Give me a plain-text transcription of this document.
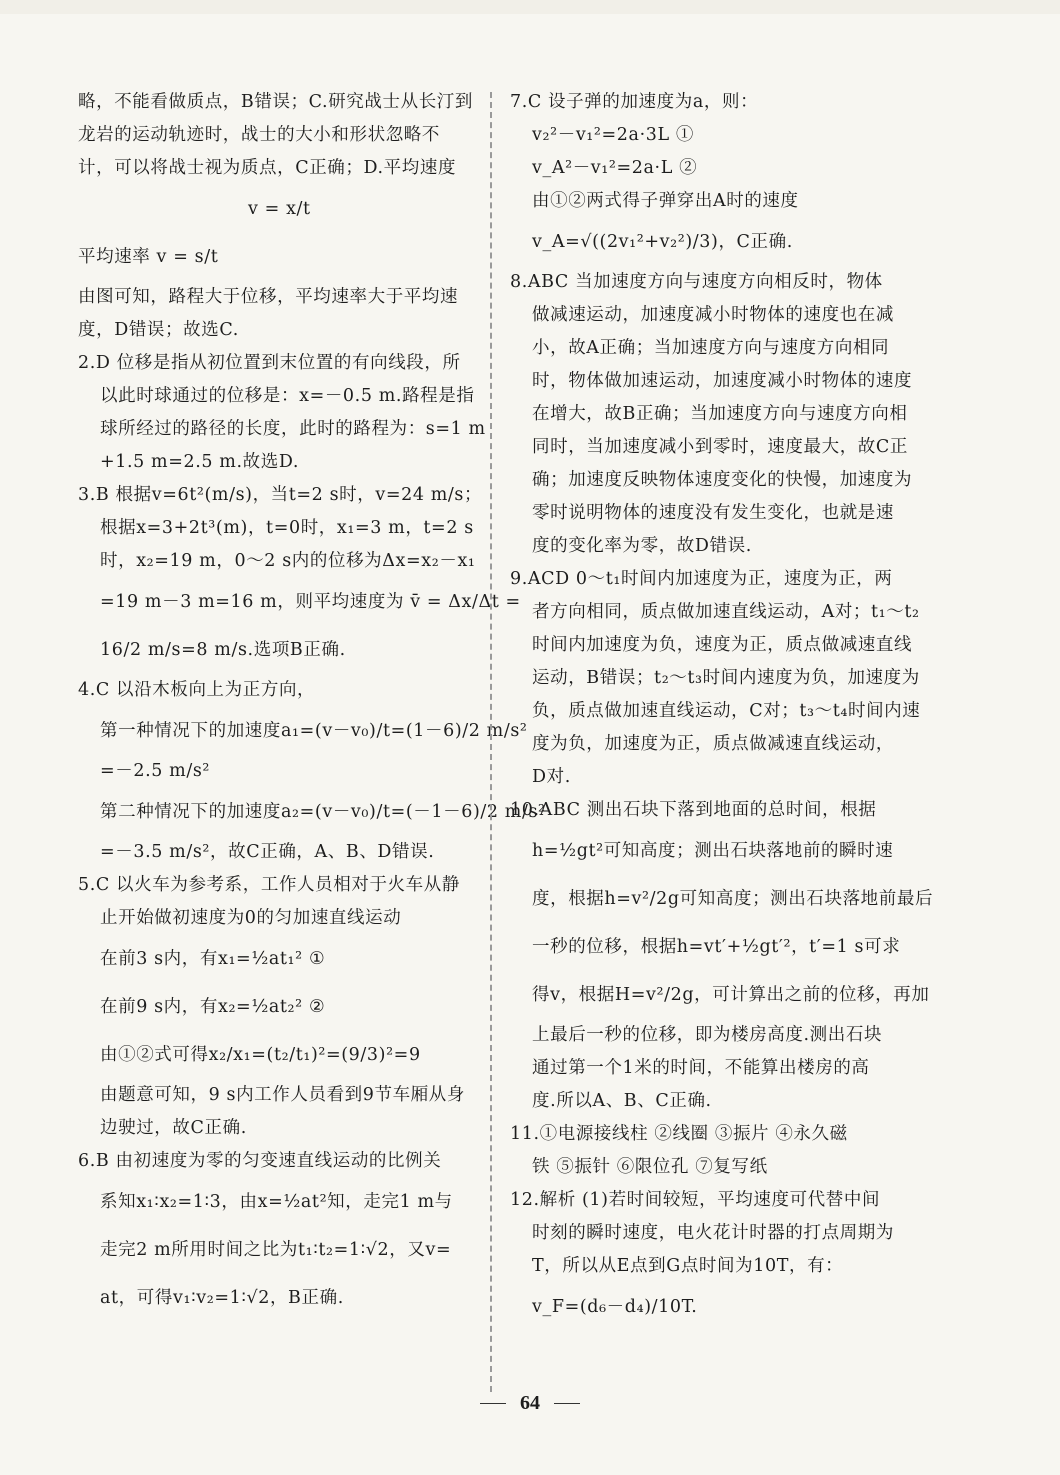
略，不能看做质点，B错误；C.研究战士从长汀到
龙岩的运动轨迹时，战士的大小和形状忽略不
计，可以将战士视为质点，C正确；D.平均速度
v = x/t
平均速率 v = s/t
由图可知，路程大于位移，平均速率大于平均速
度，D错误；故选C.
2.D 位移是指从初位置到末位置的有向线段，所
以此时球通过的位移是：x=－0.5 m.路程是指
球所经过的路径的长度，此时的路程为：s=1 m
+1.5 m=2.5 m.故选D.
3.B 根据v=6t²(m/s)，当t=2 s时，v=24 m/s；
根据x=3+2t³(m)，t=0时，x₁=3 m，t=2 s
时，x₂=19 m，0～2 s内的位移为Δx=x₂－x₁
=19 m－3 m=16 m，则平均速度为 v̄ = Δx/Δt =
16/2 m/s=8 m/s.选项B正确.
4.C 以沿木板向上为正方向，
第一种情况下的加速度a₁=(v－v₀)/t=(1－6)/2 m/s²
=－2.5 m/s²
第二种情况下的加速度a₂=(v－v₀)/t=(－1－6)/2 m/s²
=－3.5 m/s²，故C正确，A、B、D错误.
5.C 以火车为参考系，工作人员相对于火车从静
止开始做初速度为0的匀加速直线运动
在前3 s内，有x₁=½at₁² ①
在前9 s内，有x₂=½at₂² ②
由①②式可得x₂/x₁=(t₂/t₁)²=(9/3)²=9
由题意可知，9 s内工作人员看到9节车厢从身
边驶过，故C正确.
6.B 由初速度为零的匀变速直线运动的比例关
系知x₁∶x₂=1∶3，由x=½at²知，走完1 m与
走完2 m所用时间之比为t₁∶t₂=1∶√2，又v=
at，可得v₁∶v₂=1∶√2，B正确.
7.C 设子弹的加速度为a，则：
v₂²－v₁²=2a·3L ①
v_A²－v₁²=2a·L ②
由①②两式得子弹穿出A时的速度
v_A=√((2v₁²+v₂²)/3)，C正确.
8.ABC 当加速度方向与速度方向相反时，物体
做减速运动，加速度减小时物体的速度也在减
小，故A正确；当加速度方向与速度方向相同
时，物体做加速运动，加速度减小时物体的速度
在增大，故B正确；当加速度方向与速度方向相
同时，当加速度减小到零时，速度最大，故C正
确；加速度反映物体速度变化的快慢，加速度为
零时说明物体的速度没有发生变化，也就是速
度的变化率为零，故D错误.
9.ACD 0～t₁时间内加速度为正，速度为正，两
者方向相同，质点做加速直线运动，A对；t₁～t₂
时间内加速度为负，速度为正，质点做减速直线
运动，B错误；t₂～t₃时间内速度为负，加速度为
负，质点做加速直线运动，C对；t₃～t₄时间内速
度为负，加速度为正，质点做减速直线运动，
D对.
10.ABC 测出石块下落到地面的总时间，根据
h=½gt²可知高度；测出石块落地前的瞬时速
度，根据h=v²/2g可知高度；测出石块落地前最后
一秒的位移，根据h=vt′+½gt′²，t′=1 s可求
得v，根据H=v²/2g，可计算出之前的位移，再加
上最后一秒的位移，即为楼房高度.测出石块
通过第一个1米的时间，不能算出楼房的高
度.所以A、B、C正确.
11.①电源接线柱 ②线圈 ③振片 ④永久磁
铁 ⑤振针 ⑥限位孔 ⑦复写纸
12.解析 (1)若时间较短，平均速度可代替中间
时刻的瞬时速度，电火花计时器的打点周期为
T，所以从E点到G点时间为10T，有：
v_F=(d₆－d₄)/10T.
64
